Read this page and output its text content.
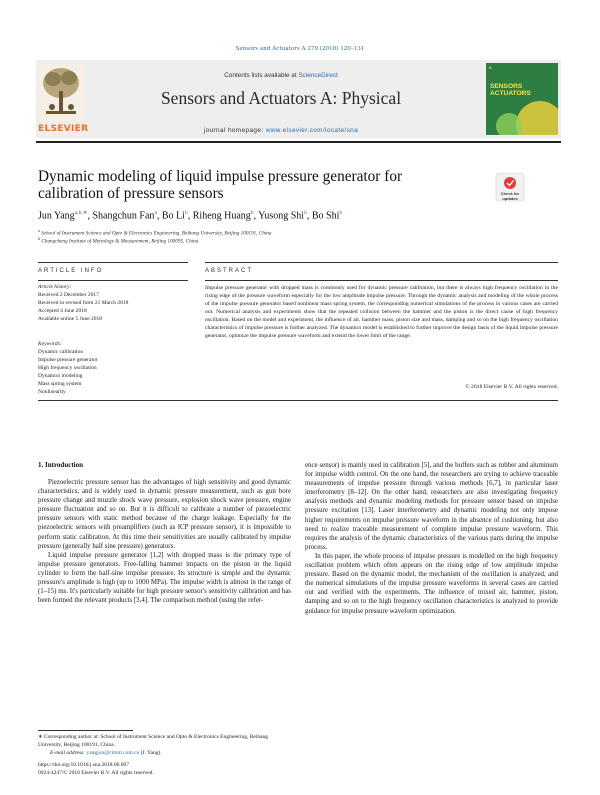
Sensors and Actuators A 279 (2018) 120–131
ELSEVIER
Contents lists available at ScienceDirect
Sensors and Actuators A: Physical
journal homepage: www.elsevier.com/locate/sna
A
SENSORS
ACTUATORS
Dynamic modeling of liquid impulse pressure generator for
calibration of pressure sensors	Check for
updates
Jun Yang$^{a,b,∗}$, Shangchun Fan$^a$, Bo Li$^b$, Riheng Huang$^b$, Yusong Shi$^b$, Bo Shi$^b$
$^a$ School of Instrument Science and Opto & Electronics Engineering, Beihang University, Beijing 100191, China
$^b$ Changcheng Institute of Metrology & Measurement, Beijing 100095, China
ARTICLE INFO	ABSTRACT
Article history:
Received 2 December 2017
Received in revised form 21 March 2018
Accepted 4 June 2018
Available online 5 June 2018
Keywords:
Dynamic calibration
Impulse pressure generator
High frequency oscillation
Dynamics modeling
Mass spring system
Nonlinearity
Impulse pressure generator with dropped mass is commonly used for dynamic pressure calibration, but there is always high frequency oscillation in the rising edge of the pressure waveform especially for the low amplitude impulse pressure. Through the dynamic analysis and modeling of the whole process of the impulse pressure generator based nonlinear mass spring system, the corresponding numerical simulations of the process in various cases are carried out. Numerical analysis and experiments show that the repeated collision between the hammer and the piston is the direct cause of high frequency oscillation. Based on the model and experiment, the influence of air, hammer mass, piston size and mass, damping and so on the high frequency oscillation characteristics of impulse pressure is further analyzed. The dynamics model is established to further improve the design basis of the liquid impulse pressure generator, optimize the impulse pressure waveform and extend the lower limit of the range.
© 2018 Elsevier B.V. All rights reserved.
1. Introduction
Piezoelectric pressure sensor has the advantages of high sensitivity and good dynamic characteristics, and is widely used in dynamic pressure measurement, such as gun bore pressure change and muzzle shock wave pressure, explosion shock wave pressure, engine pressure fluctuation and so on. But it is difficult to calibrate a number of piezoelectric pressure sensors with static method because of the charge leakage. Especially for the piezoelectric sensors with preamplifiers (such as ICP pressure sensor), it is impossible to perform static calibration. At this time their sensitivities are usually calibrated by impulse pressure (generally half sine pressure) generators.
Liquid impulse pressure generator [1,2] with dropped mass is the primary type of impulse pressure generators. Free-falling hammer impacts on the piston in the liquid cylinder to form the half-sine impulse pressure. Its structure is simple and the dynamic pressure's amplitude is high (up to 1000 MPa). The impulse width is almost in the range of (1–15) ms. It's particularly suitable for high pressure sensor's sensitivity calibration and has been formed the relevant products [3,4]. The comparison method (using the refer-
ence sensor) is mainly used in calibration [5], and the buffers such as rubber and aluminum for impulse width control. On the one hand, the researchers are trying to achieve traceable measurements of impulse pressure through various methods [6,7], in particular laser interferometry [8–12]. On the other hand, researchers are also investigating frequency analysis methods and dynamic modeling methods for pressure sensor based on impulse pressure excitation [13]. Laser interferometry and dynamic modeling not only impose higher requirements on impulse pressure waveform in the absence of cushioning, but also need to realize traceable measurement of complete impulse pressure waveform. This requires the analysis of the dynamic characteristics of the various parts during the impulse process.
In this paper, the whole process of impulse pressure is modelled on the high frequency oscillation problem which often appears on the rising edge of low amplitude impulse pressure. Based on the dynamic model, the mechanism of the oscillation is analyzed, and the numerical simulations of the impulse pressure waveforms in several cases are carried out and verified with the experiments. The influence of mixed air, hammer, piston, damping and so on to the high frequency oscillation characteristics is analyzed to provide guidance for impulse pressure waveform optimization.
∗ Corresponding author at: School of Instrument Science and Opto & Electronics Engineering, Beihang University, Beijing 100191, China.
E-mail address: yangjun@cimm.com.cn (J. Yang).
https://doi.org/10.1016/j.sna.2018.06.007
0924-4247/© 2018 Elsevier B.V. All rights reserved.
